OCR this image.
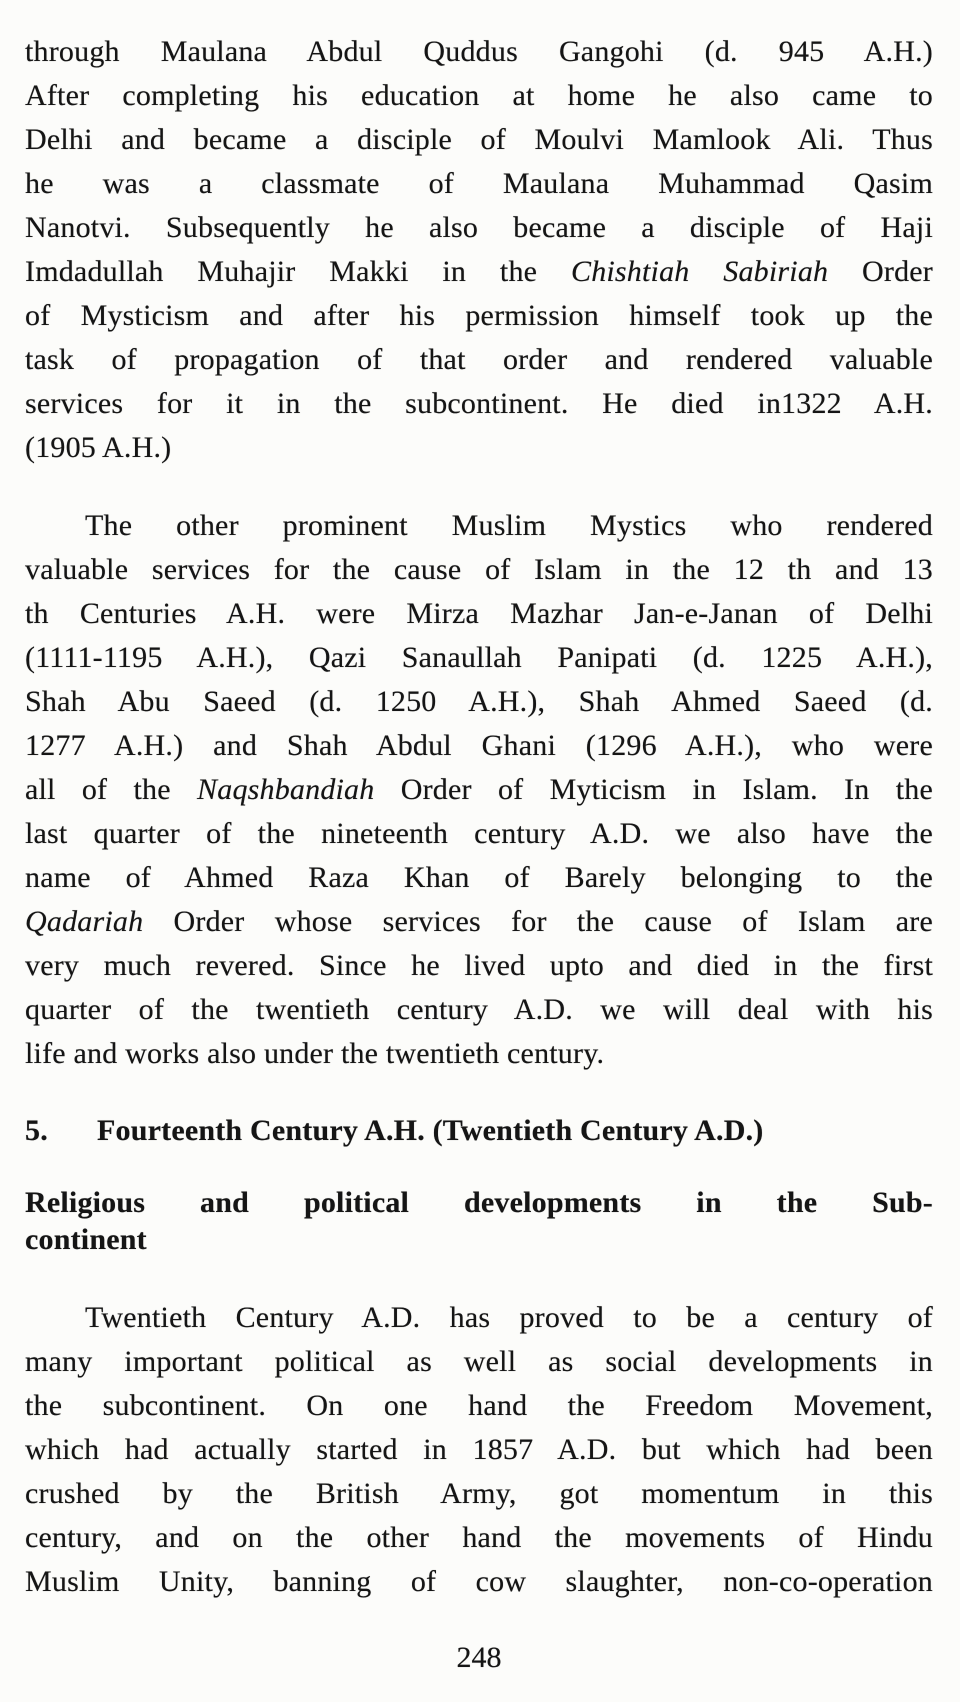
through Maulana Abdul Quddus Gangohi (d. 945 A.H.)
After completing his education at home he also came to
Delhi and became a disciple of Moulvi Mamlook Ali. Thus
he was a classmate of Maulana Muhammad Qasim
Nanotvi. Subsequently he also became a disciple of Haji
Imdadullah Muhajir Makki in the Chishtiah Sabiriah Order
of Mysticism and after his permission himself took up the
task of propagation of that order and rendered valuable
services for it in the subcontinent. He died in1322 A.H.
(1905 A.H.)
The other prominent Muslim Mystics who rendered
valuable services for the cause of Islam in the 12 th and 13
th Centuries A.H. were Mirza Mazhar Jan-e-Janan of Delhi
(1111-1195 A.H.), Qazi Sanaullah Panipati (d. 1225 A.H.),
Shah Abu Saeed (d. 1250 A.H.), Shah Ahmed Saeed (d.
1277 A.H.) and Shah Abdul Ghani (1296 A.H.), who were
all of the Naqshbandiah Order of Myticism in Islam. In the
last quarter of the nineteenth century A.D. we also have the
name of Ahmed Raza Khan of Barely belonging to the
Qadariah Order whose services for the cause of Islam are
very much revered. Since he lived upto and died in the first
quarter of the twentieth century A.D. we will deal with his
life and works also under the twentieth century.
5. Fourteenth Century A.H. (Twentieth Century A.D.)
Religious and political developments in the Sub-
continent
Twentieth Century A.D. has proved to be a century of
many important political as well as social developments in
the subcontinent. On one hand the Freedom Movement,
which had actually started in 1857 A.D. but which had been
crushed by the British Army, got momentum in this
century, and on the other hand the movements of Hindu
Muslim Unity, banning of cow slaughter, non-co-operation
248
